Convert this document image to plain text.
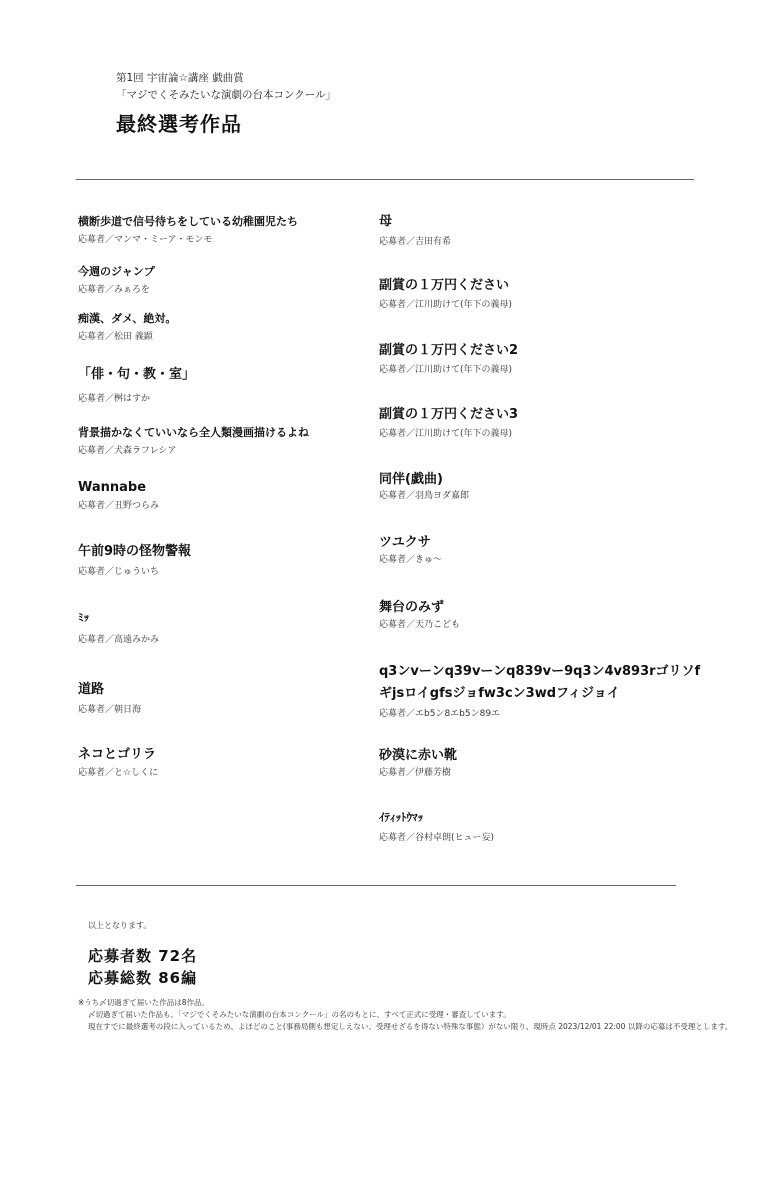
第1回 宇宙論☆講座 戯曲賞
「マジでくそみたいな演劇の台本コンクール」
最終選考作品
横断歩道で信号待ちをしている幼稚園児たち
応募者／マンマ・ミーア・モンモ
今週のジャンプ
応募者／みぁろを
痴漢、ダメ、絶対。
応募者／松田 義顕
「俳・句・教・室」
応募者／桝はすか
背景描かなくていいなら全人類漫画描けるよね
応募者／犬森ラフレシア
Wannabe
応募者／丑野つらみ
午前9時の怪物警報
応募者／じゅういち
ﾐｯ
応募者／高遠みかみ
道路
応募者／朝日海
ネコとゴリラ
応募者／と☆しくに
母
応募者／吉田有希
副賞の１万円ください
応募者／江川助けて(年下の義母)
副賞の１万円ください2
応募者／江川助けて(年下の義母)
副賞の１万円ください3
応募者／江川助けて(年下の義母)
同伴(戯曲)
応募者／羽鳥ヨダ嘉郎
ツユクサ
応募者／きゅ～
舞台のみず
応募者／天乃こども
q3ンvーンq39vーンq839vー9q3ン4v893rゴリソf
ギjsロイgfsジョfw3cン3wdフィジョイ
応募者／エb5ン8エb5ン89エ
砂漠に赤い靴
応募者／伊藤芳樹
ｲﾃｨｯﾄｳﾏｯ
応募者／谷村卓朗(ヒュー妄)
以上となります。
応募者数 72名
応募総数 86編
※うち〆切過ぎて届いた作品は8作品。
〆切過ぎて届いた作品も、「マジでくそみたいな演劇の台本コンクール」の名のもとに、すべて正式に受理・審査しています。
現在すでに最終選考の段に入っているため、よほどのこと(事務局側も想定しえない、受理せざるを得ない特殊な事態）がない限り、現時点 2023/12/01 22:00 以降の応募は不受理とします。
